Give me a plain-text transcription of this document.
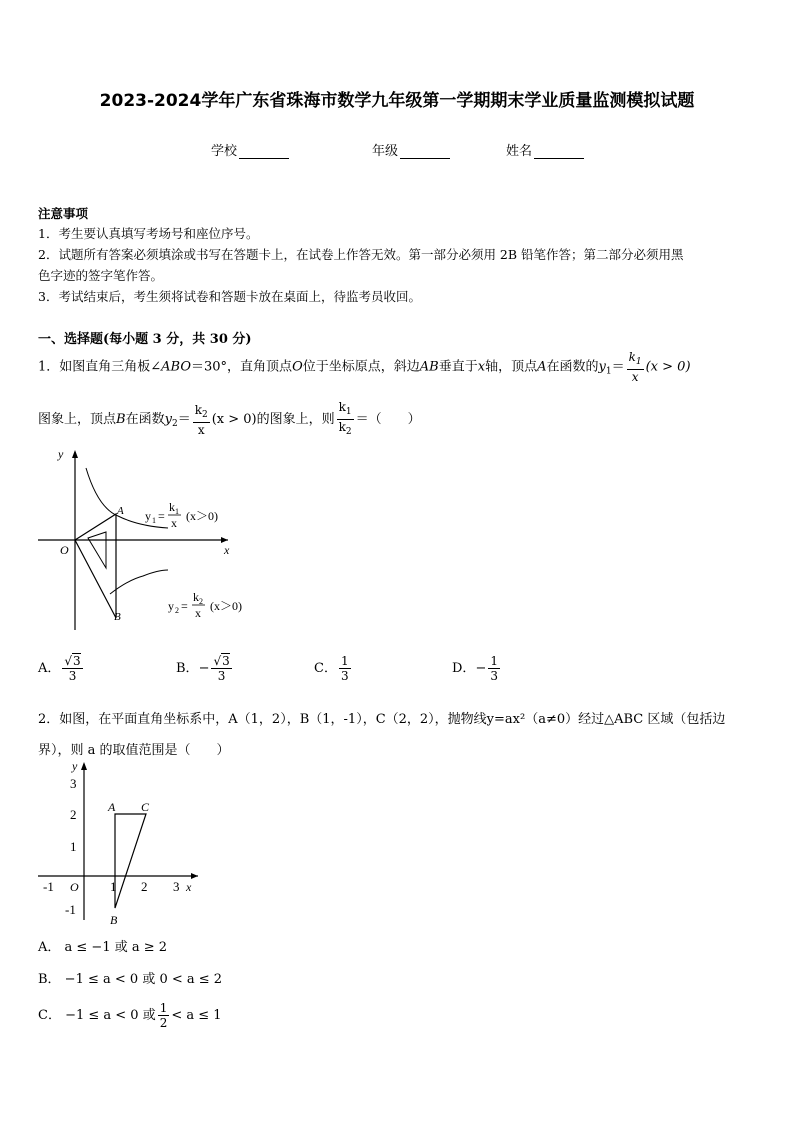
2023-2024学年广东省珠海市数学九年级第一学期期末学业质量监测模拟试题
学校	年级	姓名
注意事项
1．考生要认真填写考场号和座位序号。
2．试题所有答案必须填涂或书写在答题卡上，在试卷上作答无效。第一部分必须用 2B 铅笔作答；第二部分必须用黑
色字迹的签字笔作答。
3．考试结束后，考生须将试卷和答题卡放在桌面上，待监考员收回。
一、选择题(每小题 3 分，共 30 分)
1．如图直角三角板∠ABO＝30°，直角顶点O位于坐标原点，斜边AB垂直于x轴，顶点A在函数的$y_1= \frac{k_1}{x} (x > 0)$
图象上，顶点B在函数$y_2= \frac{k_2}{x} (x > 0)$的图象上，则 $\frac{k_1}{k_2}$ ＝（　　）
y
x
O
A
B
y 1 =
k 1
x (x＞0)
y 2 =
k 2
x (x＞0)
A． $\frac{√3}{3}$	B．− $\frac{√3}{3}$	C． $\frac{1}{3}$	D．− $\frac{1}{3}$
2．如图，在平面直角坐标系中，A（1，2），B（1，-1），C（2，2），抛物线y=ax²（a≠0）经过△ABC 区域（包括边
界），则 a 的取值范围是（　　）
3
2
1
-1
-1	1 2 3
y
x
O
A C
B
A． a ≤ −1 或 a ≥ 2
B． −1 ≤ a < 0 或 0 < a ≤ 2
C． −1 ≤ a < 0 或 $\frac{1}{2} < a \le 1$
